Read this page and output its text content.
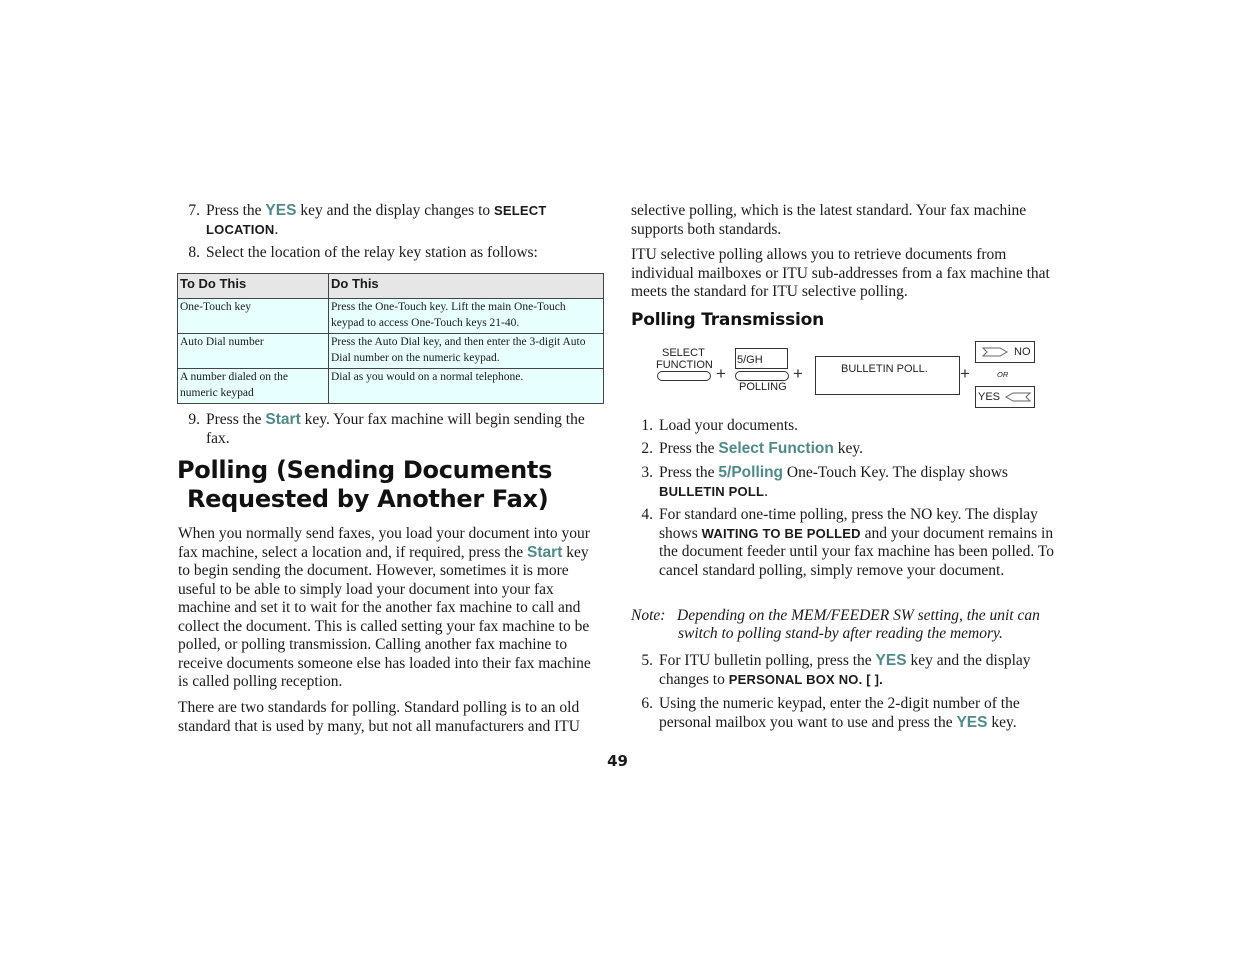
7. Press the YES key and the display changes to SELECT
LOCATION.
8. Select the location of the relay key station as follows:
To Do This	Do This
One-Touch key	Press the One-Touch key. Lift the main One-Touch keypad to access One-Touch keys 21-40.
Auto Dial number	Press the Auto Dial key, and then enter the 3-digit Auto Dial number on the numeric keypad.
A number dialed on the numeric keypad	Dial as you would on a normal telephone.
9. Press the Start key. Your fax machine will begin sending the fax.
Polling (Sending Documents
Requested by Another Fax)

When you normally send faxes, you load your document into your fax machine, select a location and, if required, press the Start key to begin sending the document. However, sometimes it is more useful to be able to simply load your document into your fax machine and set it to wait for the another fax machine to call and collect the document. This is called setting your fax machine to be polled, or polling transmission. Calling another fax machine to receive documents someone else has loaded into their fax machine is called polling reception.

There are two standards for polling. Standard polling is to an old standard that is used by many, but not all manufacturers and ITU

selective polling, which is the latest standard. Your fax machine supports both standards.

ITU selective polling allows you to retrieve documents from individual mailboxes or ITU sub-addresses from a fax machine that meets the standard for ITU selective polling.

Polling Transmission
SELECT
FUNCTION +
5/GH
POLLING
+	BULLETIN POLL. +
NO
OR
YES
1. Load your documents.
2. Press the Select Function key.
3. Press the 5/Polling One-Touch Key. The display shows
BULLETIN POLL.
4. For standard one-time polling, press the NO key. The display shows WAITING TO BE POLLED and your document remains in the document feeder until your fax machine has been polled. To cancel standard polling, simply remove your document.
Note: Depending on the MEM/FEEDER SW setting, the unit can switch to polling stand-by after reading the memory.
5. For ITU bulletin polling, press the YES key and the display changes to PERSONAL BOX NO. [ ].
6. Using the numeric keypad, enter the 2-digit number of the personal mailbox you want to use and press the YES key.
49
